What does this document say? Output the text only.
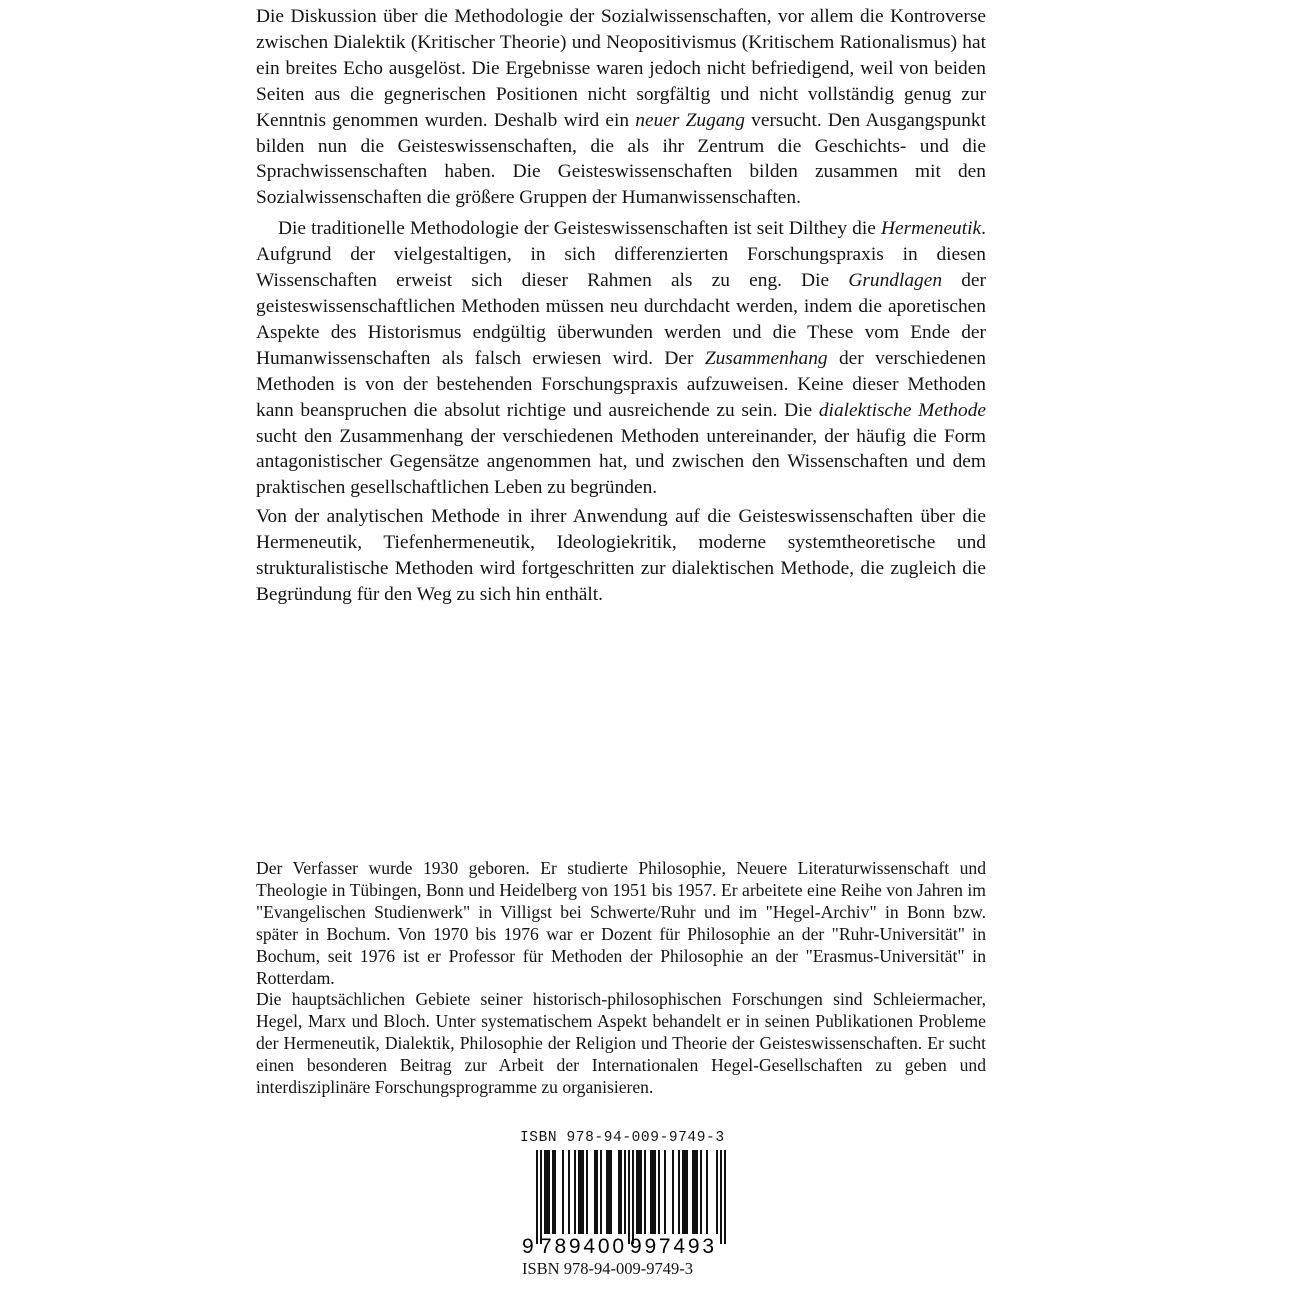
Die Diskussion über die Methodologie der Sozialwissenschaften, vor allem die Kontroverse zwischen Dialektik (Kritischer Theorie) und Neopositivismus (Kritischem Rationalismus) hat ein breites Echo ausgelöst. Die Ergebnisse waren jedoch nicht befriedigend, weil von beiden Seiten aus die gegnerischen Positionen nicht sorgfältig und nicht vollständig genug zur Kenntnis genommen wurden. Deshalb wird ein neuer Zugang versucht. Den Ausgangspunkt bilden nun die Geisteswissenschaften, die als ihr Zentrum die Geschichts- und die Sprachwissenschaften haben. Die Geisteswissenschaften bilden zusammen mit den Sozialwissenschaften die größere Gruppen der Humanwissenschaften.

Die traditionelle Methodologie der Geisteswissenschaften ist seit Dilthey die Hermeneutik. Aufgrund der vielgestaltigen, in sich differenzierten Forschungspraxis in diesen Wissenschaften erweist sich dieser Rahmen als zu eng. Die Grundlagen der geisteswissenschaftlichen Methoden müssen neu durchdacht werden, indem die aporetischen Aspekte des Historismus endgültig überwunden werden und die These vom Ende der Humanwissenschaften als falsch erwiesen wird. Der Zusammenhang der verschiedenen Methoden is von der bestehenden Forschungspraxis aufzuweisen. Keine dieser Methoden kann beanspruchen die absolut richtige und ausreichende zu sein. Die dialektische Methode sucht den Zusammenhang der verschiedenen Methoden untereinander, der häufig die Form antagonistischer Gegensätze angenommen hat, und zwischen den Wissenschaften und dem praktischen gesellschaftlichen Leben zu begründen.

Von der analytischen Methode in ihrer Anwendung auf die Geisteswissenschaften über die Hermeneutik, Tiefenhermeneutik, Ideologiekritik, moderne systemtheoretische und strukturalistische Methoden wird fortgeschritten zur dialektischen Methode, die zugleich die Begründung für den Weg zu sich hin enthält.

Der Verfasser wurde 1930 geboren. Er studierte Philosophie, Neuere Literaturwissenschaft und Theologie in Tübingen, Bonn und Heidelberg von 1951 bis 1957. Er arbeitete eine Reihe von Jahren im "Evangelischen Studienwerk" in Villigst bei Schwerte/Ruhr und im "Hegel-Archiv" in Bonn bzw. später in Bochum. Von 1970 bis 1976 war er Dozent für Philosophie an der "Ruhr-Universität" in Bochum, seit 1976 ist er Professor für Methoden der Philosophie an der "Erasmus-Universität" in Rotterdam.

Die hauptsächlichen Gebiete seiner historisch-philosophischen Forschungen sind Schleiermacher, Hegel, Marx und Bloch. Unter systematischem Aspekt behandelt er in seinen Publikationen Probleme der Hermeneutik, Dialektik, Philosophie der Religion und Theorie der Geisteswissenschaften. Er sucht einen besonderen Beitrag zur Arbeit der Internationalen Hegel-Gesellschaften zu geben und interdisziplinäre Forschungsprogramme zu organisieren.

ISBN 978-94-009-9749-3
9 789400 997493
ISBN 978-94-009-9749-3
